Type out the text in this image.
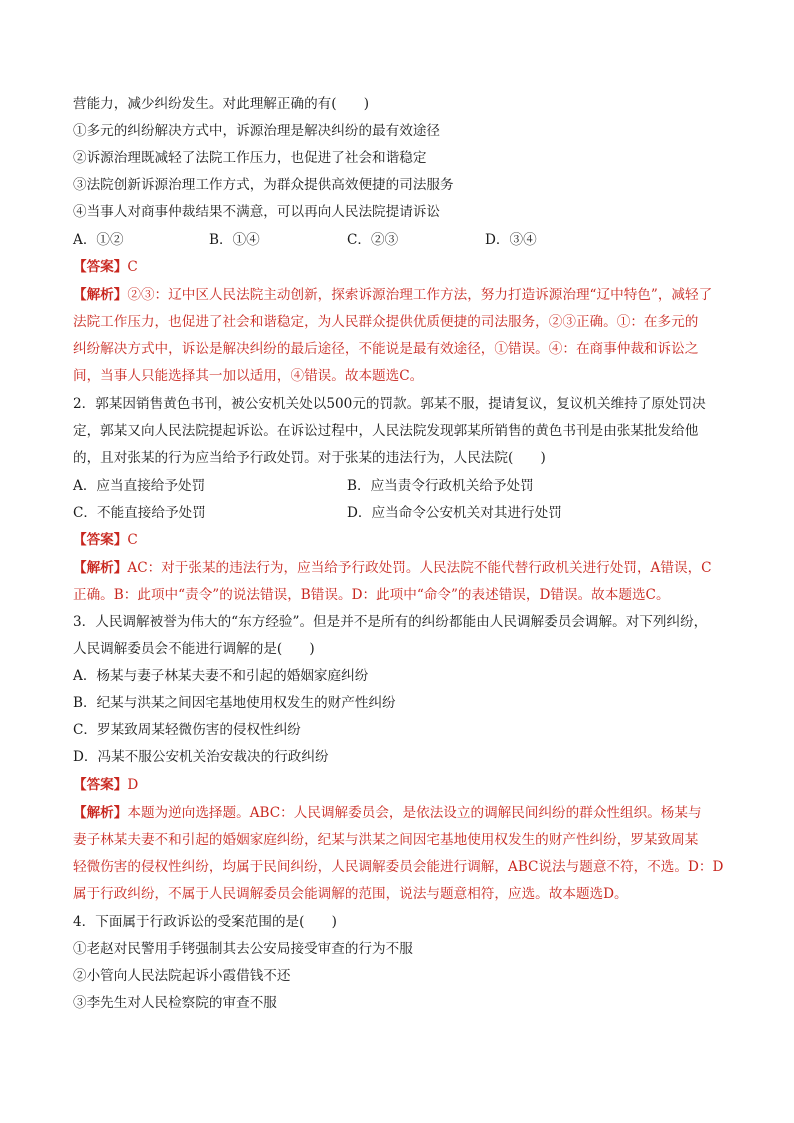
营能力，减少纠纷发生。对此理解正确的有(　　)
①多元的纠纷解决方式中，诉源治理是解决纠纷的最有效途径
②诉源治理既减轻了法院工作压力，也促进了社会和谐稳定
③法院创新诉源治理工作方式，为群众提供高效便捷的司法服务
④当事人对商事仲裁结果不满意，可以再向人民法院提请诉讼
A．①②	B．①④	C．②③	D．③④
【答案】C
【解析】②③：辽中区人民法院主动创新，探索诉源治理工作方法，努力打造诉源治理“辽中特色”，减轻了
法院工作压力，也促进了社会和谐稳定，为人民群众提供优质便捷的司法服务，②③正确。①：在多元的
纠纷解决方式中，诉讼是解决纠纷的最后途径，不能说是最有效途径，①错误。④：在商事仲裁和诉讼之
间，当事人只能选择其一加以适用，④错误。故本题选C。
2．郭某因销售黄色书刊，被公安机关处以500元的罚款。郭某不服，提请复议，复议机关维持了原处罚决
定，郭某又向人民法院提起诉讼。在诉讼过程中，人民法院发现郭某所销售的黄色书刊是由张某批发给他
的，且对张某的行为应当给予行政处罚。对于张某的违法行为，人民法院(　　)
A．应当直接给予处罚	B．应当责令行政机关给予处罚
C．不能直接给予处罚	D．应当命令公安机关对其进行处罚
【答案】C
【解析】AC：对于张某的违法行为，应当给予行政处罚。人民法院不能代替行政机关进行处罚，A错误，C
正确。B：此项中“责令”的说法错误，B错误。D：此项中“命令”的表述错误，D错误。故本题选C。
3．人民调解被誉为伟大的“东方经验”。但是并不是所有的纠纷都能由人民调解委员会调解。对下列纠纷，
人民调解委员会不能进行调解的是(　　)
A．杨某与妻子林某夫妻不和引起的婚姻家庭纠纷
B．纪某与洪某之间因宅基地使用权发生的财产性纠纷
C．罗某致周某轻微伤害的侵权性纠纷
D．冯某不服公安机关治安裁决的行政纠纷
【答案】D
【解析】本题为逆向选择题。ABC：人民调解委员会，是依法设立的调解民间纠纷的群众性组织。杨某与
妻子林某夫妻不和引起的婚姻家庭纠纷，纪某与洪某之间因宅基地使用权发生的财产性纠纷，罗某致周某
轻微伤害的侵权性纠纷，均属于民间纠纷，人民调解委员会能进行调解，ABC说法与题意不符，不选。D：D
属于行政纠纷，不属于人民调解委员会能调解的范围，说法与题意相符，应选。故本题选D。
4．下面属于行政诉讼的受案范围的是(　　)
①老赵对民警用手铐强制其去公安局接受审查的行为不服
②小管向人民法院起诉小霞借钱不还
③李先生对人民检察院的审查不服
